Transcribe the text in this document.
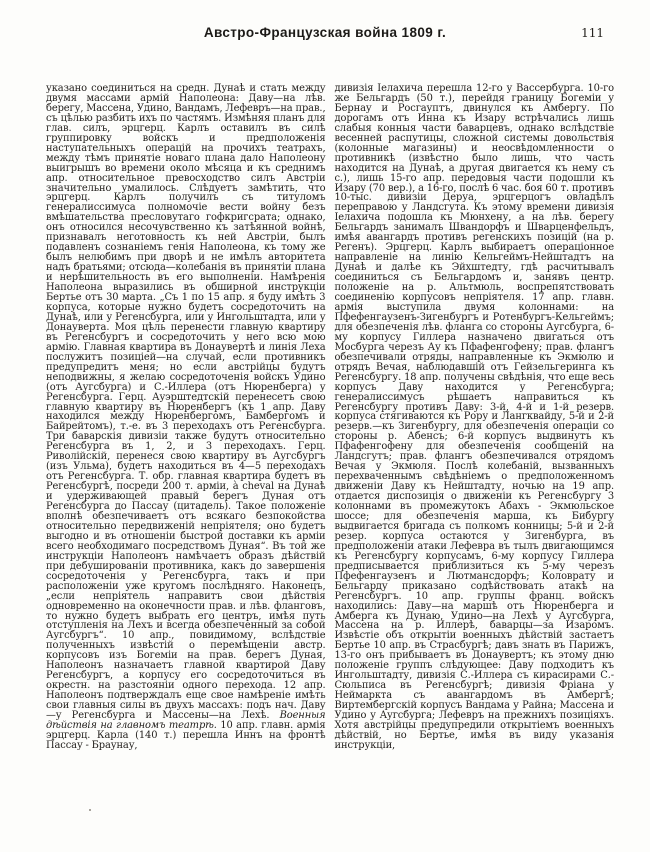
Австро-Французская война 1809 г.	111
указано соединиться на средн. Дунаѣ и стать между двумя массами армій Наполеона: Даву—на лѣв. берегу, Массена, Удино, Вандамъ, Лефевръ—на прав., съ цѣлью разбить ихъ по частямъ. Измѣняя планъ для глав. силъ, эрцгерц. Карлъ оставилъ въ силѣ группировку войскъ и предположенія наступательныхъ операцій на прочихъ театрахъ, между тѣмъ принятіе новаго плана дало Наполеону выигрышъ во времени около мѣсяца и къ среднимъ апр. относительное превосходство силъ Австріи значительно умалилось. Слѣдуетъ замѣтить, что эрцгерц. Карлъ получилъ съ титуломъ генералиссимуса полномочіе вести войну безъ вмѣшательства пресловутаго гофкригсрата; однако, онъ относился несочувственно къ затѣянной войнѣ, признавалъ неготовность къ ней Австріи, былъ подавленъ сознаніемъ генія Наполеона, къ тому же былъ нелюбимъ при дворѣ и не имѣлъ авторитета надъ братьями; отсюда—колебанія въ принятіи плана и нерѣшительность въ его выполненіи. Намѣренія Наполеона выразились въ обширной инструкціи Бертье отъ 30 марта. „Съ 1 по 15 апр. я буду имѣть 3 корпуса, которые нужно будетъ сосредоточить на Дунаѣ, или у Регенсбурга, или у Ингольштадта, или у Донауверта. Моя цѣль перенести главную квартиру въ Регенсбургъ и сосредоточить у него всю мою армію. Главная квартира въ Донаувертѣ и линія Леха послужитъ позиціей—на случай, если противникъ предупредитъ меня; но если австрійцы будутъ неподвижны, я желаю сосредоточенія войскъ Удино (отъ Аугсбурга) и С.-Иллера (отъ Нюренберга) у Регенсбурга. Герц. Ауэрштедтскій перенесетъ свою главную квартиру въ Нюренбергъ (къ 1 апр. Даву находился между Нюренбергомъ, Бамбергомъ и Байрейтомъ), т.-е. въ 3 переходахъ отъ Регенсбурга. Три баварскія дивизіи также будутъ относительно Регенсбурга въ 1, 2, и 3 переходахъ. Герц. Риволійскій, перенеся свою квартиру въ Аугсбургъ (изъ Ульма), будетъ находиться въ 4—5 переходахъ отъ Регенсбурга. Т. обр. главная квартира будетъ въ Регенсбургѣ, посреди 200 т. арміи, à cheval на Дунаѣ и удерживающей правый берегъ Дуная отъ Регенсбурга до Пассау (цитадель). Такое положеніе вполнѣ обезпечиваетъ отъ всякаго безпокойства относительно передвиженій непріятеля; оно будетъ выгодно и въ отношеніи быстрой доставки къ арміи всего необходимаго посредствомъ Дуная“. Въ той же инструкціи Наполеонъ намѣчаетъ образъ дѣйствій при дебушированіи противника, какъ до завершенія сосредоточенія у Регенсбурга, такъ и при расположеніи уже кругомъ послѣдняго. Наконецъ, „если непріятель направитъ свои дѣйствія одновременно на оконечности прав. и лѣв. фланговъ, то нужно будетъ выбрать его центръ, имѣя путь отступленія на Лехъ и всегда обезпеченный за собой Аугсбургъ“. 10 апр., повидимому, вслѣдствіе полученныхъ извѣстій о перемѣщеніи австр. корпусовъ изъ Богеміи на прав. берегъ Дуная, Наполеонъ назначаетъ главной квартирой Даву Регенсбургъ, а корпусу его сосредоточиться въ окрестн. на разстояніи одного перехода. 12 апр. Наполеонъ подтверждалъ еще свое намѣреніе имѣть свои главныя силы въ двухъ массахъ: подъ нач. Даву—у Регенсбурга и Массены—на Лехѣ. Военныя дѣйствія на главномъ театрѣ. 10 апр. главн. армія эрцгерц. Карла (140 т.) перешла Иннъ на фронтѣ Пассау - Браунау,
дивизія Іелахича перешла 12-го у Вассербурга. 10-го же Бельгардъ (50 т.), перейдя границу Богеміи у Бернау и Росгауптъ, двинулся къ Амбергу. По дорогамъ отъ Инна къ Изару встрѣчались лишь слабыя конныя части баварцевъ, однако вслѣдствіе весенней распутицы, сложной системы довольствія (колонные магазины) и неосвѣдомленности о противникѣ (извѣстно было лишь, что часть находится на Дунаѣ, а другая двигается къ нему съ с.), лишь 15-го апр. передовыя части подошли къ Изару (70 вер.), а 16-го, послѣ 6 час. боя 60 т. противъ 10-тыс. дивизіи Деруа, эрцгерцогъ овладѣлъ переправою у Ландсгута. Къ этому времени дивизія Іелахича подошла къ Мюнхену, а на лѣв. берегу Бельгардъ занималъ Швандорфъ и Шварценфельдъ, имѣя авангардъ противъ регенскихъ позицій (на р. Регенъ). Эрцгерц. Карлъ выбираетъ операціонное направленіе на линію Кельгеймъ-Нейштадтъ на Дунаѣ и далѣе къ Эйхштедту, гдѣ расчитывалъ соединиться съ Бельгардомъ и, занявъ центр. положеніе на р. Альтмюль, воспрепятствовать соединенію корпусовъ непріятеля. 17 апр. главн. армія выступила двумя колоннами: на Пфефенгаузенъ-Зигенбургъ и Ротенбургъ-Кельгеймъ; для обезпеченія лѣв. фланга со стороны Аугсбурга, 6-му корпусу Гиллера назначено двигаться отъ Мосбурга черезъ Ау къ Пфафенгофену; прав. флангъ обезпечивали отряды, направленные къ Экмюлю и отрядъ Вечая, наблюдавшій отъ Гейзельгеринга къ Регенсбургу. 18 апр. получены свѣдѣнія, что еще весь корпусъ Даву находится у Регенсбурга; генералиссимусъ рѣшаетъ направиться къ Регенсбургу противъ Даву: 3-й, 4-й и 1-й резерв. корпуса стягиваются къ Рору и Лангквайду, 5-й и 2-й резерв.—къ Зигенбургу, для обезпеченія операціи со стороны р. Абенсъ; 6-й корпусъ выдвинутъ къ Пфафенгофену для обезпеченія сообщеній на Ландсгутъ; прав. флангъ обезпечивался отрядомъ Вечая у Экмюля. Послѣ колебаній, вызванныхъ перехваченнымъ свѣдѣніемъ о предположенномъ движеніи Даву къ Нейштадту, ночью на 19 апр. отдается диспозиція о движеніи къ Регенсбургу 3 колоннами въ промежутокъ Абахъ - Экмюльское шоссе; для обезпеченія марша, къ Бибургу выдвигается бригада съ полкомъ конницы; 5-й и 2-й резер. корпуса остаются у Зигенбурга, въ предположеніи атаки Лефевра въ тылъ двигающимся къ Регенсбургу корпусамъ, 6-му корпусу Гиллера предписывается приблизиться къ 5-му черезъ Пфефенгаузенъ и Лютмансдорфъ; Коловрату и Бельгарду приказано содѣйствовать атакѣ на Регенсбургъ. 10 апр. группы франц. войскъ находились: Даву—на маршѣ отъ Нюренберга и Амберга къ Дунаю, Удино—на Лехѣ у Аугсбурга, Массена на р. Иллерѣ, баварцы—за Изаромъ. Извѣстіе объ открытіи военныхъ дѣйствій застаетъ Бертье 10 апр. въ Страсбургѣ; давъ знать въ Парижъ, 13-го онъ прибываетъ въ Донаувертъ; къ этому дню положеніе группъ слѣдующее: Даву подходитъ къ Ингольштадту, дивизія С.-Иллера съ кирасирами С.-Сюльписа въ Регенсбургѣ; дивизія Фріана у Неймаркта съ авангардомъ въ Амбергѣ; Виртембергскій корпусъ Вандама у Райна; Массена и Удино у Аугсбурга; Лефевръ на прежнихъ позиціяхъ. Хотя австрійцы предупредили открытіемъ военныхъ дѣйствій, но Бертье, имѣя въ виду указанія инструкціи,
